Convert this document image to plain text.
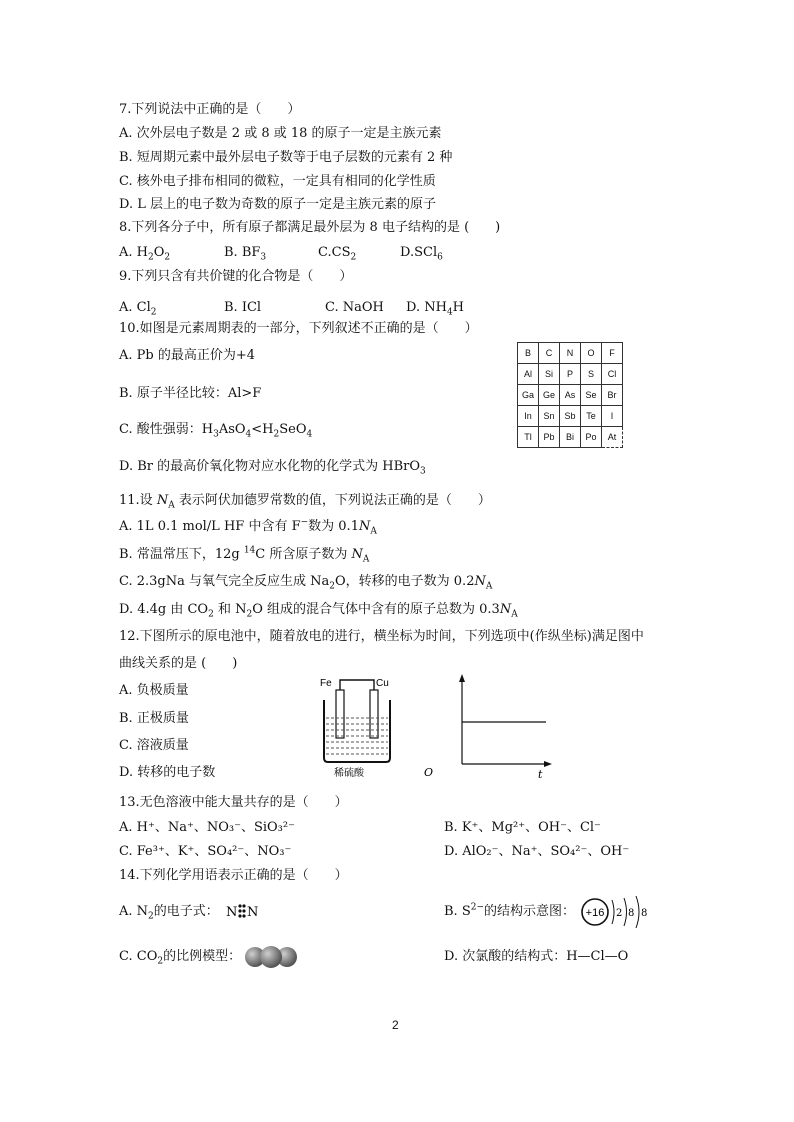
7.下列说法中正确的是（　　）
A. 次外层电子数是 2 或 8 或 18 的原子一定是主族元素
B. 短周期元素中最外层电子数等于电子层数的元素有 2 种
C. 核外电子排布相同的微粒，一定具有相同的化学性质
D. L 层上的电子数为奇数的原子一定是主族元素的原子
8.下列各分子中，所有原子都满足最外层为 8 电子结构的是 (　　)
A. $H_2O_2$	B. $BF_3$	$C.CS_2$	D.SCl$_6$
9.下列只含有共价键的化合物是（　　）
A. $Cl_2$	B. ICl	C. NaOH D. $NH_4H$
10.如图是元素周期表的一部分，下列叙述不正确的是（　　）
A. Pb 的最高正价为+4
B. 原子半径比较：Al>F
C. 酸性强弱：$H_3AsO_4<H_2SeO_4$
D. Br 的最高价氧化物对应水化物的化学式为 HBrO$_3$
B	C	N	O	F
Al	Si	P	S	Cl
Ga	Ge	As	Se	Br
In	Sn	Sb	Te	I
Tl	Pb	Bi	Po	At
11.设 $N_A$ 表示阿伏加德罗常数的值，下列说法正确的是（　　）
A. 1L 0.1 mol/L HF 中含有 F−数为 $0.1N_A$
B. 常温常压下，12g $^{14}$C 所含原子数为 $N_A$
C. 2.3gNa 与氧气完全反应生成 $Na_2O$，转移的电子数为 $0.2N_A$
D. 4.4g 由 $CO_2$ 和 $N_2O$ 组成的混合气体中含有的原子总数为 $0.3N_A$
12.下图所示的原电池中，随着放电的进行，横坐标为时间，下列选项中(作纵坐标)满足图中
曲线关系的是 (　　)
A. 负极质量
B. 正极质量
C. 溶液质量
D. 转移的电子数
Fe	Cu
稀硫酸	O	t
13.无色溶液中能大量共存的是（　　）
A. H⁺、Na⁺、NO₃⁻、SiO₃²⁻	B. K⁺、Mg²⁺、OH⁻、Cl⁻
C. Fe³⁺、K⁺、SO₄²⁻、NO₃⁻	D. AlO₂⁻、Na⁺、SO₄²⁻、OH⁻
14.下列化学用语表示正确的是（　　）
A. $N_2$的电子式： N N	B. $S^{2-}$的结构示意图： +16 2 8 8
C. $CO_2$的比例模型：	D. 次氯酸的结构式：H—Cl—O
2
